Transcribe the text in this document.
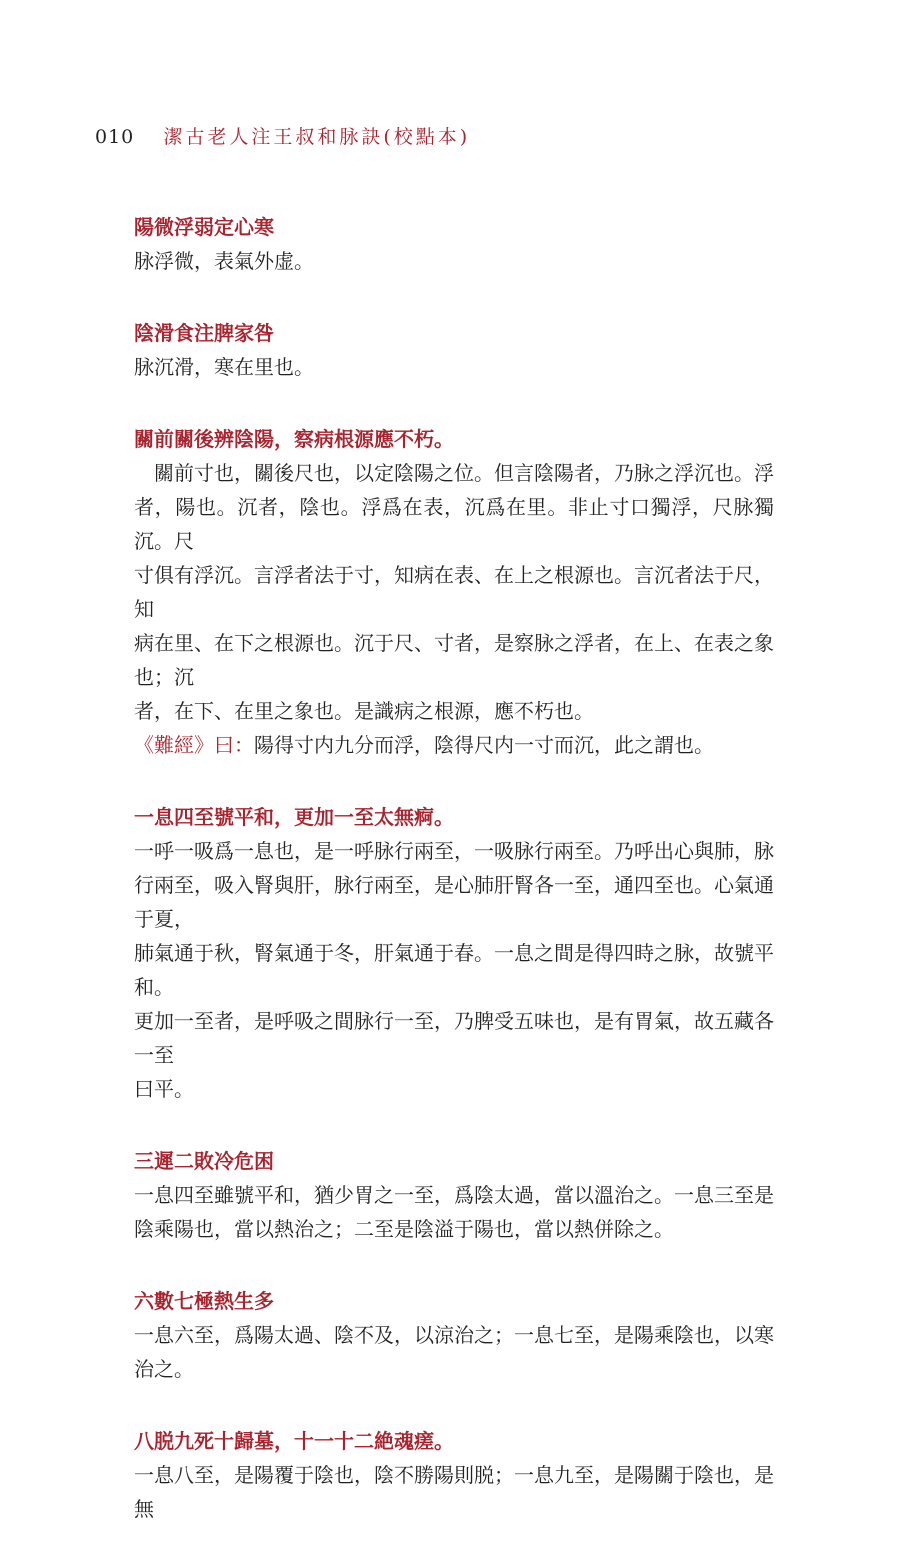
010 潔古老人注王叔和脉訣(校點本)
陽微浮弱定心寒

脉浮微，表氣外虚。

陰滑食注脾家咎

脉沉滑，寒在里也。

關前關後辨陰陽，察病根源應不朽。

　關前寸也，關後尺也，以定陰陽之位。但言陰陽者，乃脉之浮沉也。浮

者，陽也。沉者，陰也。浮爲在表，沉爲在里。非止寸口獨浮，尺脉獨沉。尺

寸俱有浮沉。言浮者法于寸，知病在表、在上之根源也。言沉者法于尺，知

病在里、在下之根源也。沉于尺、寸者，是察脉之浮者，在上、在表之象也；沉

者，在下、在里之象也。是識病之根源，應不朽也。

《難經》曰：陽得寸内九分而浮，陰得尺内一寸而沉，此之謂也。
一息四至號平和，更加一至太無痾。

一呼一吸爲一息也，是一呼脉行兩至，一吸脉行兩至。乃呼出心與肺，脉

行兩至，吸入腎與肝，脉行兩至，是心肺肝腎各一至，通四至也。心氣通于夏，

肺氣通于秋，腎氣通于冬，肝氣通于春。一息之間是得四時之脉，故號平和。

更加一至者，是呼吸之間脉行一至，乃脾受五味也，是有胃氣，故五藏各一至

曰平。

三遲二敗冷危困

一息四至雖號平和，猶少胃之一至，爲陰太過，當以溫治之。一息三至是

陰乘陽也，當以熱治之；二至是陰溢于陽也，當以熱併除之。

六數七極熱生多

一息六至，爲陽太過、陰不及，以涼治之；一息七至，是陽乘陰也，以寒治之。

八脱九死十歸墓，十一十二絶魂瘥。

一息八至，是陽覆于陰也，陰不勝陽則脱；一息九至，是陽關于陰也，是無
